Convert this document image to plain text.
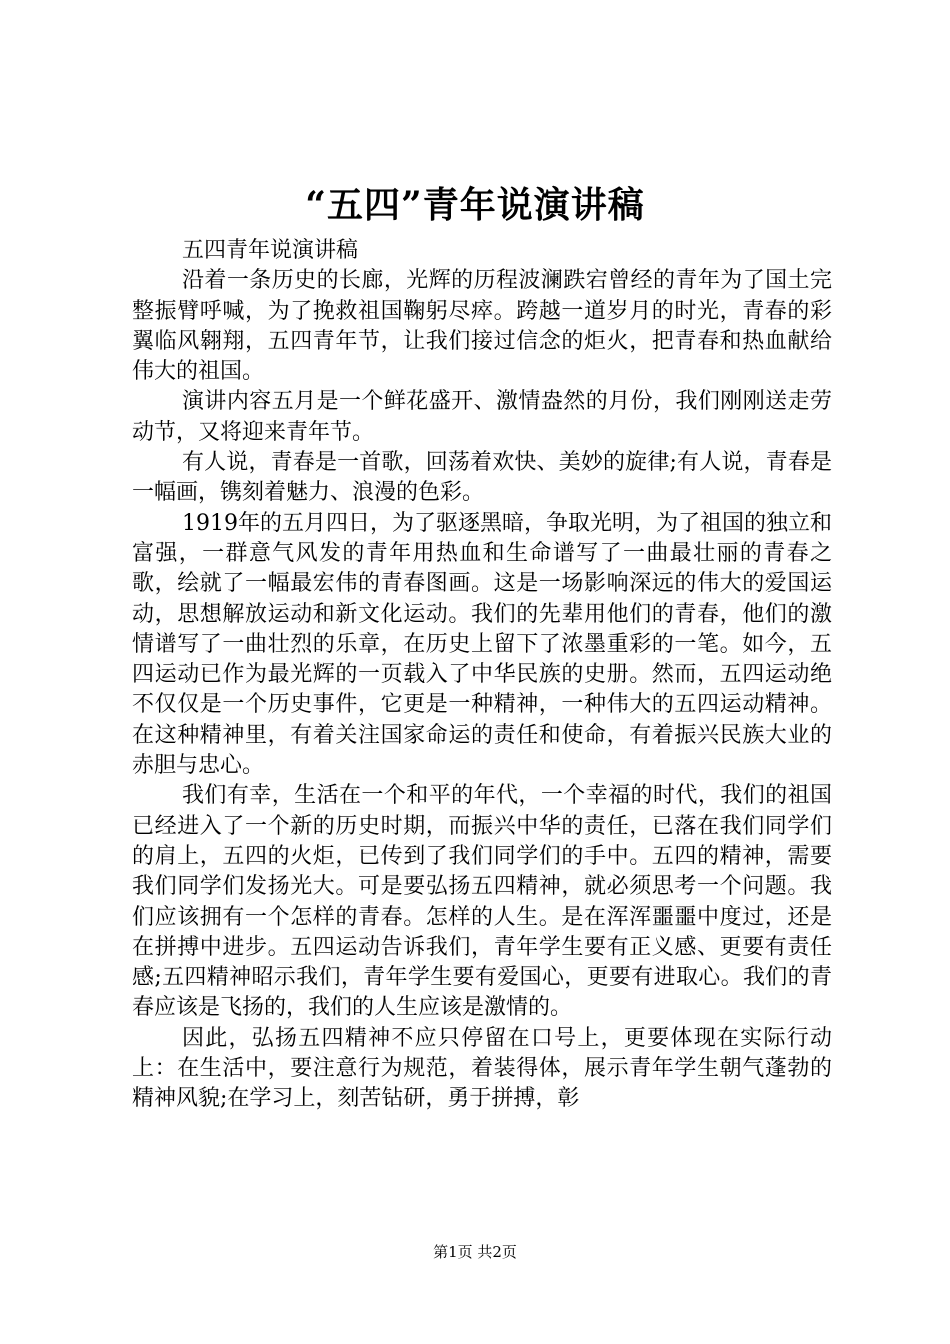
“五四”青年说演讲稿

五四青年说演讲稿

沿着一条历史的长廊，光辉的历程波澜跌宕曾经的青年为了国土完整振臂呼喊，为了挽救祖国鞠躬尽瘁。跨越一道岁月的时光，青春的彩翼临风翱翔，五四青年节，让我们接过信念的炬火，把青春和热血献给伟大的祖国。

演讲内容五月是一个鲜花盛开、激情盎然的月份，我们刚刚送走劳动节，又将迎来青年节。

有人说，青春是一首歌，回荡着欢快、美妙的旋律;有人说，青春是一幅画，镌刻着魅力、浪漫的色彩。

1919年的五月四日，为了驱逐黑暗，争取光明，为了祖国的独立和富强，一群意气风发的青年用热血和生命谱写了一曲最壮丽的青春之歌，绘就了一幅最宏伟的青春图画。这是一场影响深远的伟大的爱国运动，思想解放运动和新文化运动。我们的先辈用他们的青春，他们的激情谱写了一曲壮烈的乐章，在历史上留下了浓墨重彩的一笔。如今，五四运动已作为最光辉的一页载入了中华民族的史册。然而，五四运动绝不仅仅是一个历史事件，它更是一种精神，一种伟大的五四运动精神。在这种精神里，有着关注国家命运的责任和使命，有着振兴民族大业的赤胆与忠心。

我们有幸，生活在一个和平的年代，一个幸福的时代，我们的祖国已经进入了一个新的历史时期，而振兴中华的责任，已落在我们同学们的肩上，五四的火炬，已传到了我们同学们的手中。五四的精神，需要我们同学们发扬光大。可是要弘扬五四精神，就必须思考一个问题。我们应该拥有一个怎样的青春。怎样的人生。是在浑浑噩噩中度过，还是在拼搏中进步。五四运动告诉我们，青年学生要有正义感、更要有责任感;五四精神昭示我们，青年学生要有爱国心，更要有进取心。我们的青春应该是飞扬的，我们的人生应该是激情的。

因此，弘扬五四精神不应只停留在口号上，更要体现在实际行动上：在生活中，要注意行为规范，着装得体，展示青年学生朝气蓬勃的精神风貌;在学习上，刻苦钻研，勇于拼搏，彰

第1页 共2页
